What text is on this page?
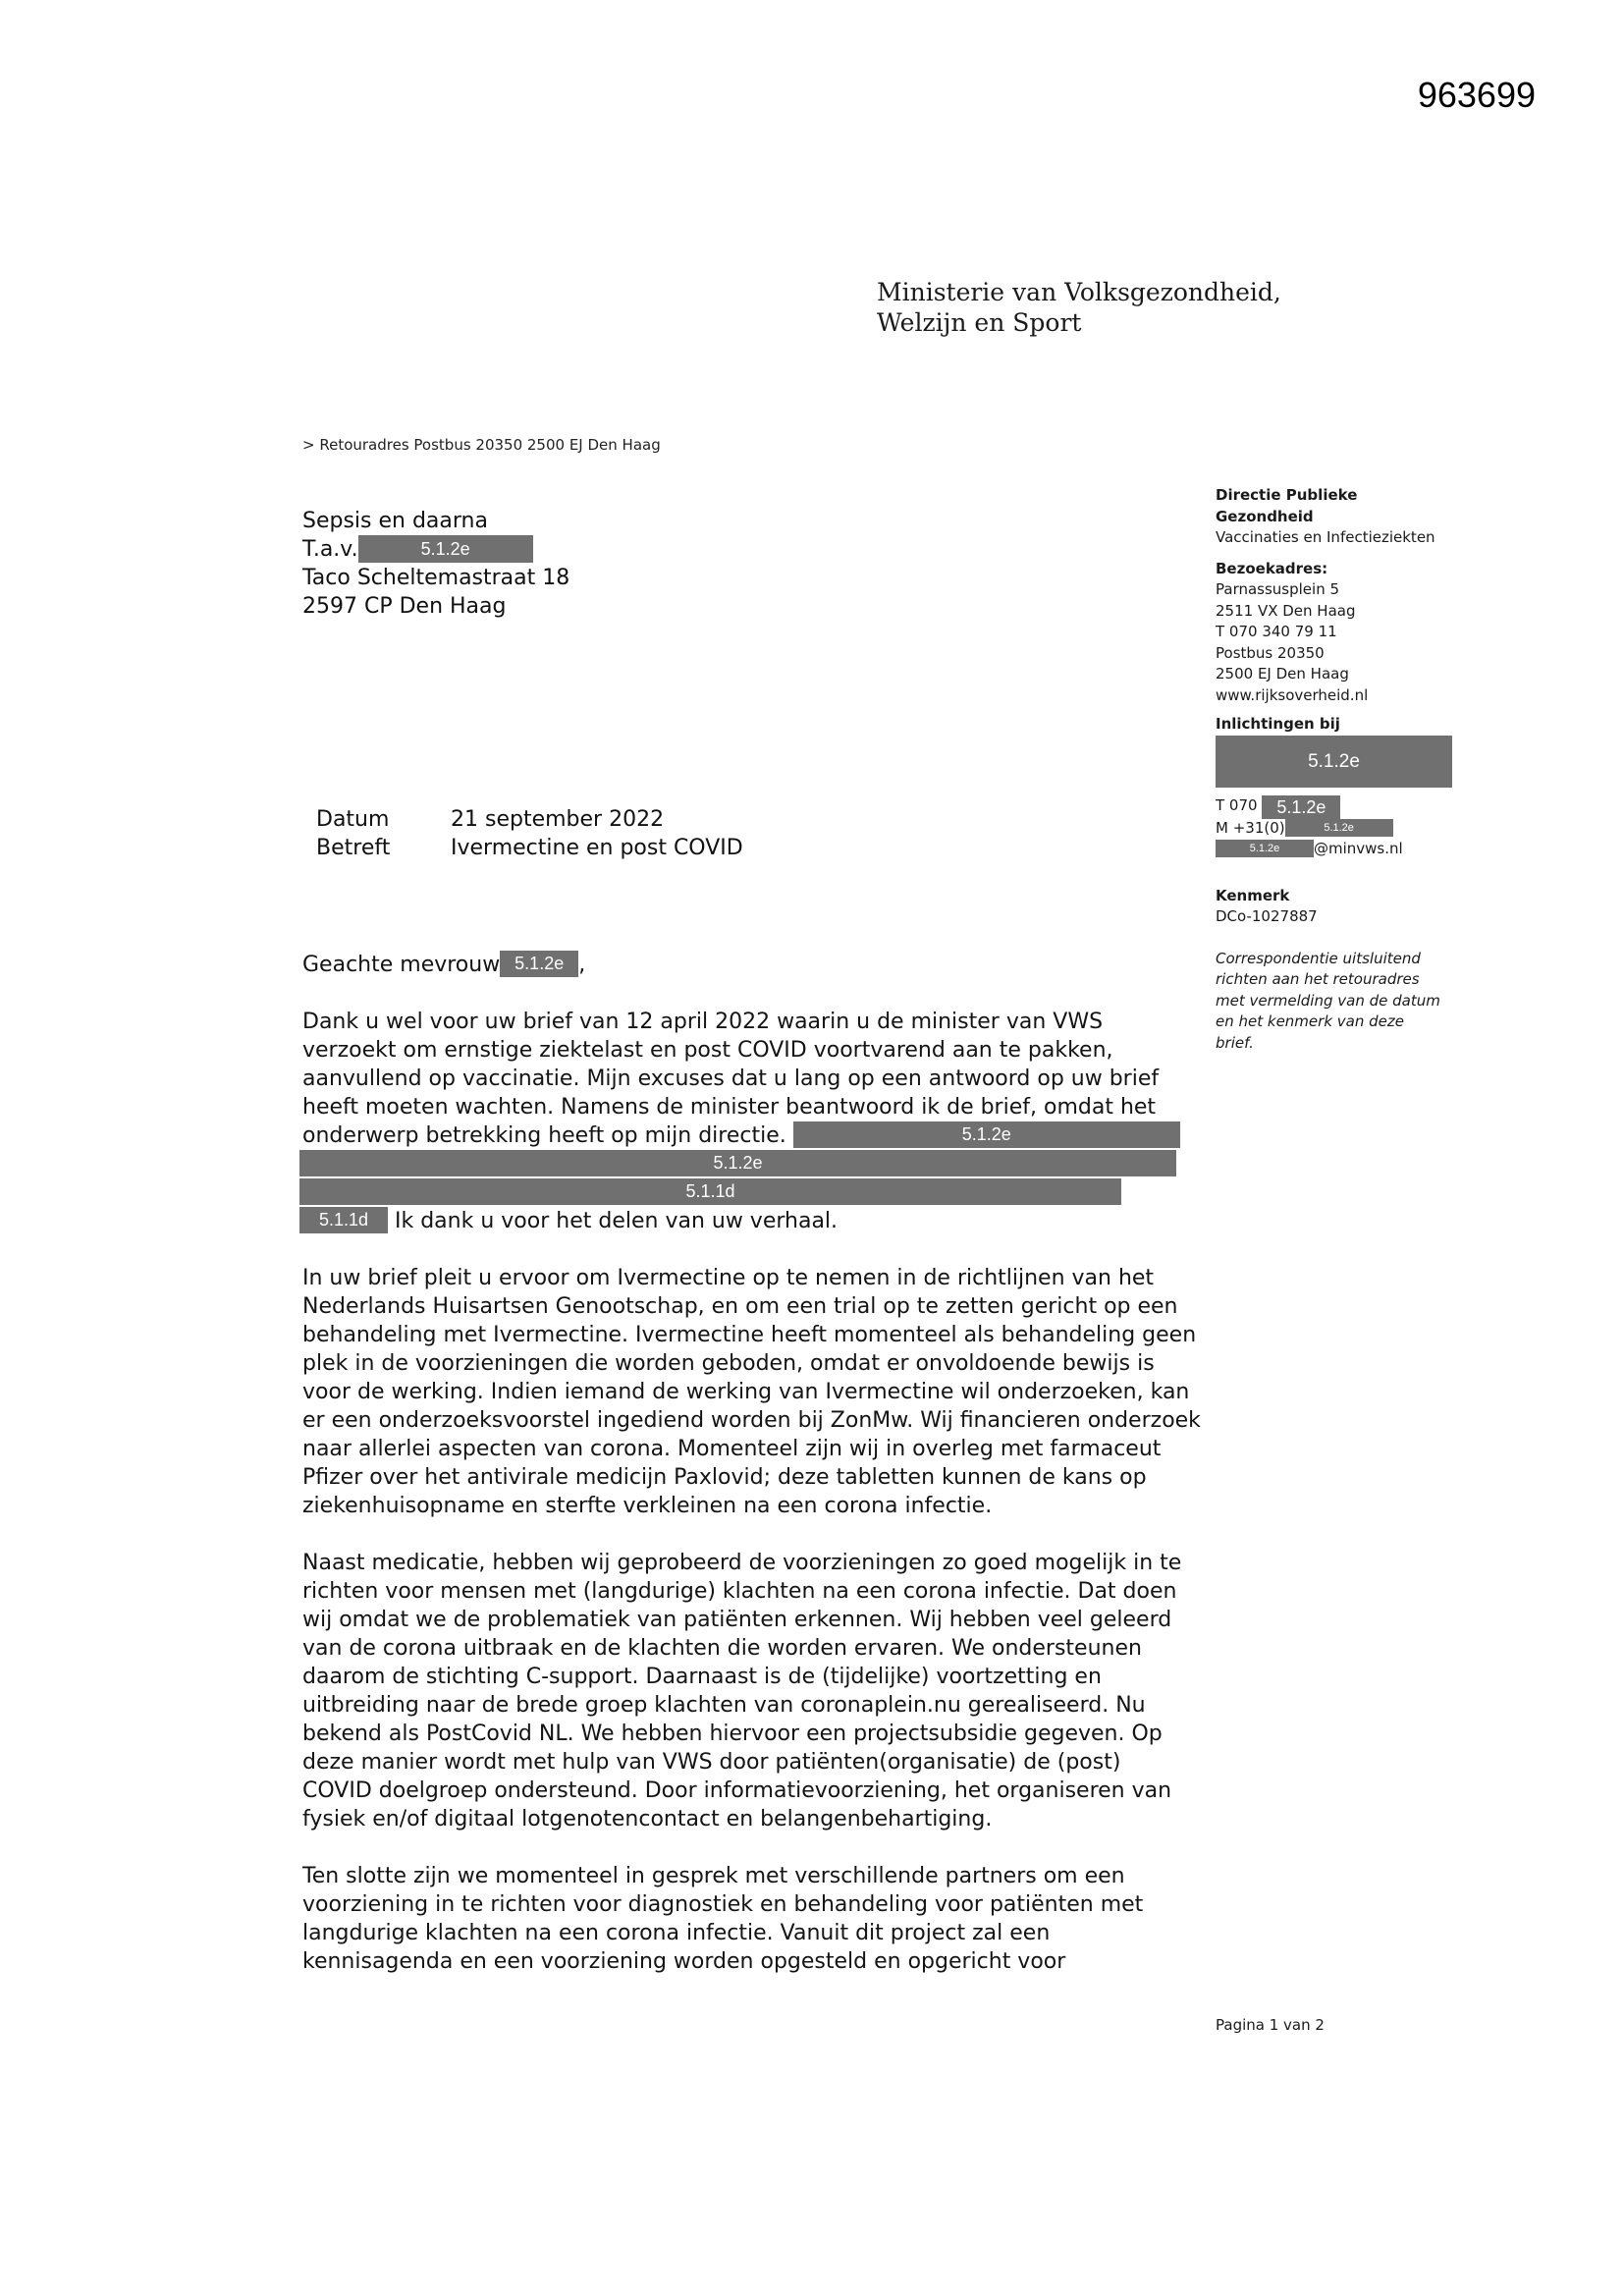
963699
Ministerie van Volksgezondheid,
Welzijn en Sport
> Retouradres Postbus 20350 2500 EJ Den Haag
Sepsis en daarna
T.a.v.	5.1.2e
Taco Scheltemastraat 18
2597 CP Den Haag
Datum	21 september 2022
Betreft	Ivermectine en post COVID
Directie Publieke
Gezondheid
Vaccinaties en Infectieziekten
Bezoekadres:
Parnassusplein 5
2511 VX Den Haag
T 070 340 79 11
Postbus 20350
2500 EJ Den Haag
www.rijksoverheid.nl
Inlichtingen bij
5.1.2e
T 070 5.1.2e
M +31(0)	5.1.2e
5.1.2e @minvws.nl
Kenmerk
DCo-1027887
Correspondentie uitsluitend
richten aan het retouradres
met vermelding van de datum
en het kenmerk van deze
brief.
Geachte mevrouw 5.1.2e ,
Dank u wel voor uw brief van 12 april 2022 waarin u de minister van VWS
verzoekt om ernstige ziektelast en post COVID voortvarend aan te pakken,
aanvullend op vaccinatie. Mijn excuses dat u lang op een antwoord op uw brief
heeft moeten wachten. Namens de minister beantwoord ik de brief, omdat het
onderwerp betrekking heeft op mijn directie.	5.1.2e
5.1.2e
5.1.1d
5.1.1d Ik dank u voor het delen van uw verhaal.
In uw brief pleit u ervoor om Ivermectine op te nemen in de richtlijnen van het
Nederlands Huisartsen Genootschap, en om een trial op te zetten gericht op een
behandeling met Ivermectine. Ivermectine heeft momenteel als behandeling geen
plek in de voorzieningen die worden geboden, omdat er onvoldoende bewijs is
voor de werking. Indien iemand de werking van Ivermectine wil onderzoeken, kan
er een onderzoeksvoorstel ingediend worden bij ZonMw. Wij financieren onderzoek
naar allerlei aspecten van corona. Momenteel zijn wij in overleg met farmaceut
Pfizer over het antivirale medicijn Paxlovid; deze tabletten kunnen de kans op
ziekenhuisopname en sterfte verkleinen na een corona infectie.
Naast medicatie, hebben wij geprobeerd de voorzieningen zo goed mogelijk in te
richten voor mensen met (langdurige) klachten na een corona infectie. Dat doen
wij omdat we de problematiek van patiënten erkennen. Wij hebben veel geleerd
van de corona uitbraak en de klachten die worden ervaren. We ondersteunen
daarom de stichting C-support. Daarnaast is de (tijdelijke) voortzetting en
uitbreiding naar de brede groep klachten van coronaplein.nu gerealiseerd. Nu
bekend als PostCovid NL. We hebben hiervoor een projectsubsidie gegeven. Op
deze manier wordt met hulp van VWS door patiënten(organisatie) de (post)
COVID doelgroep ondersteund. Door informatievoorziening, het organiseren van
fysiek en/of digitaal lotgenotencontact en belangenbehartiging.
Ten slotte zijn we momenteel in gesprek met verschillende partners om een
voorziening in te richten voor diagnostiek en behandeling voor patiënten met
langdurige klachten na een corona infectie. Vanuit dit project zal een
kennisagenda en een voorziening worden opgesteld en opgericht voor
Pagina 1 van 2
